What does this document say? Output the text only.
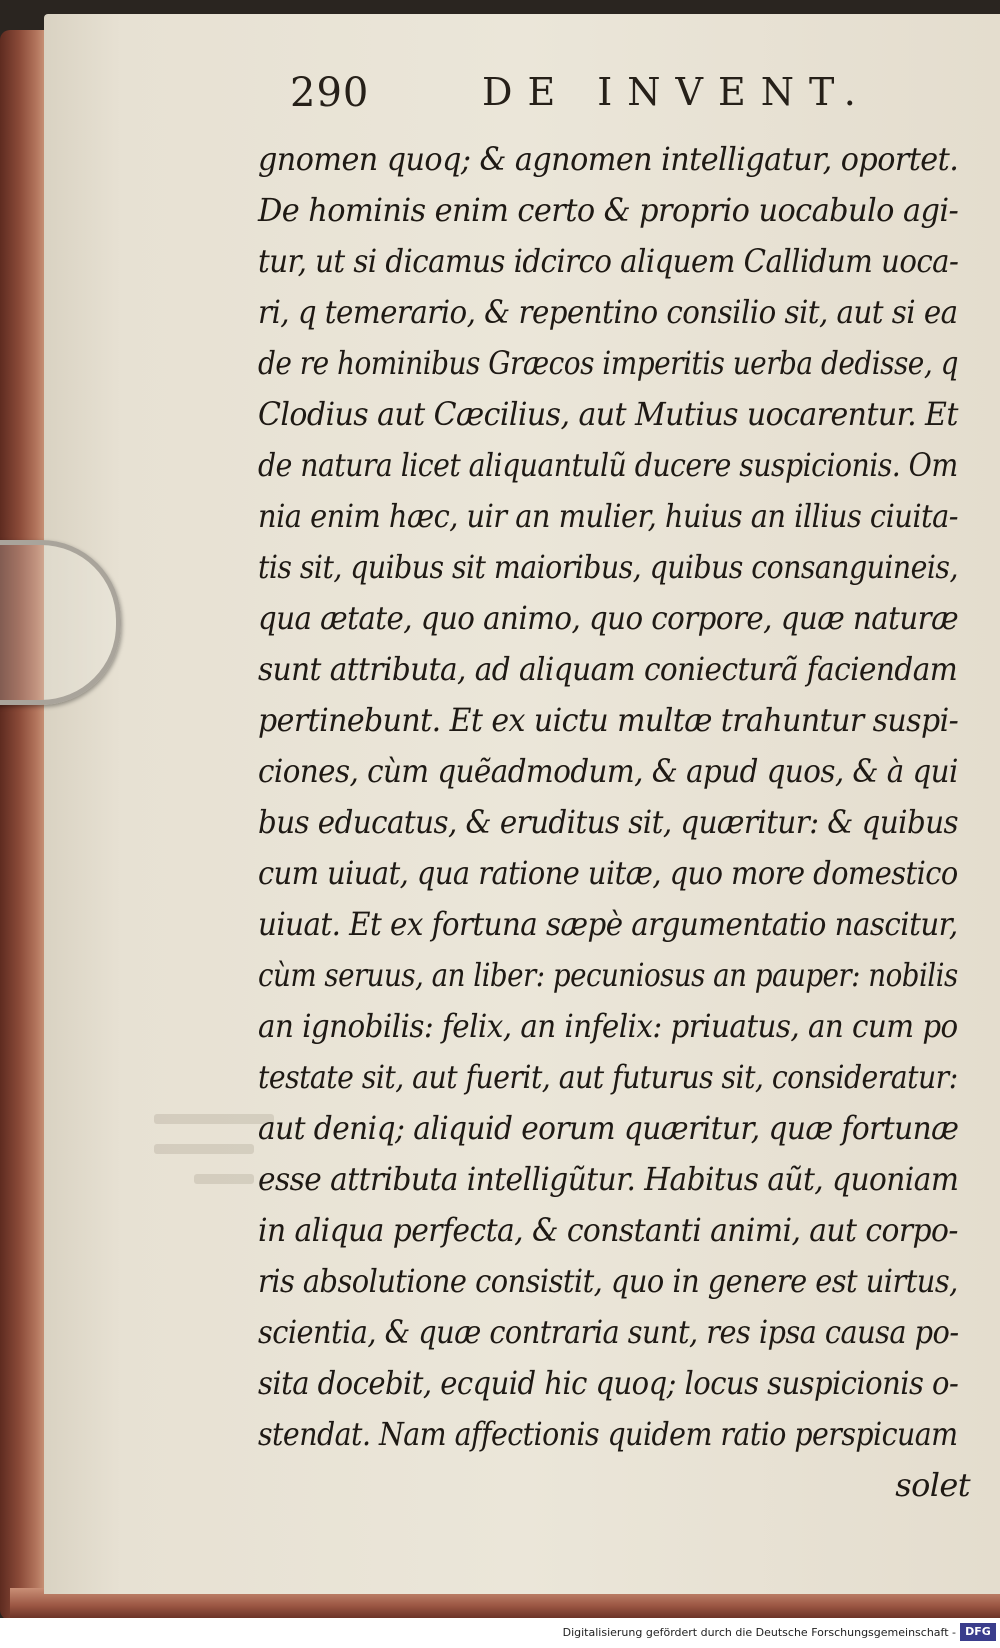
290	DE INVENT.
gnomen quoq; & agnomen intelligatur, oportet.
De hominis enim certo & proprio uocabulo agi-
tur, ut si dicamus idcirco aliquem Callidum uoca-
ri, q temerario, & repentino consilio sit, aut si ea
de re hominibus Græcos imperitis uerba dedisse, q
Clodius aut Cæcilius, aut Mutius uocarentur. Et
de natura licet aliquantulũ ducere suspicionis. Om
nia enim hæc, uir an mulier, huius an illius ciuita-
tis sit, quibus sit maioribus, quibus consanguineis,
qua ætate, quo animo, quo corpore, quæ naturæ
sunt attributa, ad aliquam coniecturã faciendam
pertinebunt. Et ex uictu multæ trahuntur suspi-
ciones, cùm quẽadmodum, & apud quos, & à qui
bus educatus, & eruditus sit, quæritur: & quibus
cum uiuat, qua ratione uitæ, quo more domestico
uiuat. Et ex fortuna sæpè argumentatio nascitur,
cùm seruus, an liber: pecuniosus an pauper: nobilis
an ignobilis: felix, an infelix: priuatus, an cum po
testate sit, aut fuerit, aut futurus sit, consideratur:
aut deniq; aliquid eorum quæritur, quæ fortunæ
esse attributa intelligũtur. Habitus aũt, quoniam
in aliqua perfecta, & constanti animi, aut corpo-
ris absolutione consistit, quo in genere est uirtus,
scientia, & quæ contraria sunt, res ipsa causa po-
sita docebit, ecquid hic quoq; locus suspicionis o-
stendat. Nam affectionis quidem ratio perspicuam
solet
Digitalisierung gefördert durch die Deutsche Forschungsgemeinschaft - DFG
